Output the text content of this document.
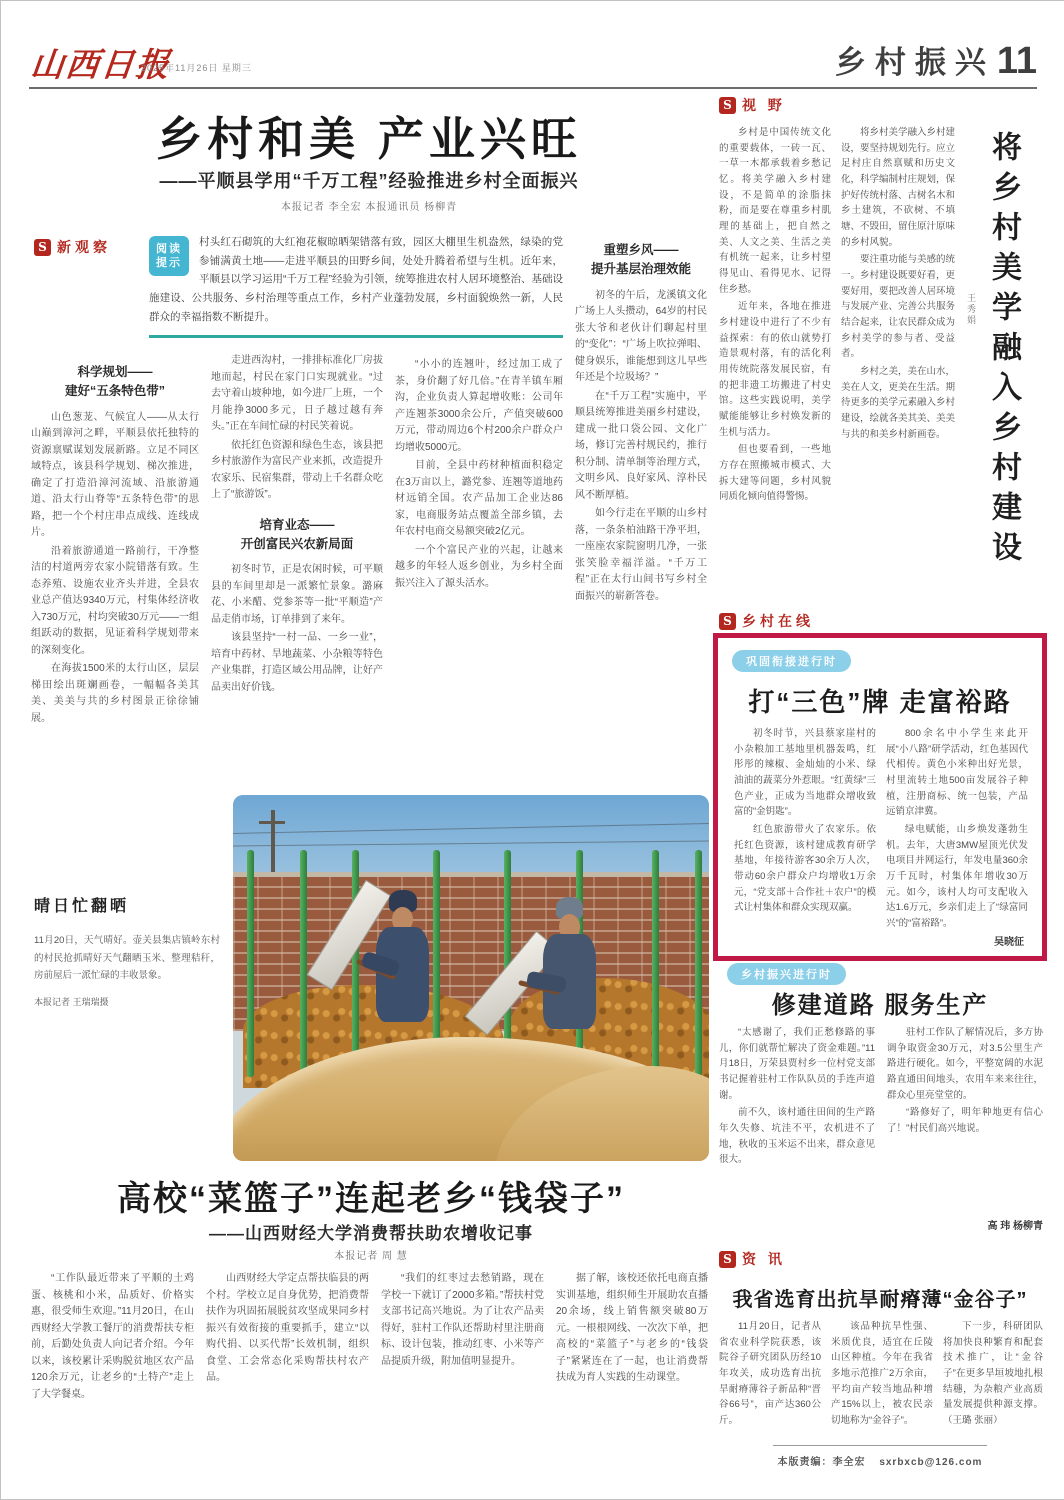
山西日报
2025年11月26日 星期三	乡村振兴11
乡村和美 产业兴旺
——平顺县学用“千万工程”经验推进乡村全面振兴
本报记者 李全宏 本报通讯员 杨柳青
S 新观察	阅读
提示
村头红石砌筑的大红袍花椒晾晒架错落有致，园区大棚里生机盎然，绿染的党参铺满黄土地——走进平顺县的田野乡间，处处升腾着希望与生机。近年来，平顺县以学习运用“千万工程”经验为引领，统筹推进农村人居环境整治、基础设施建设、公共服务、乡村治理等重点工作，乡村产业蓬勃发展，乡村面貌焕然一新，人民群众的幸福指数不断提升。
科学规划——
建好“五条特色带”

山色葱茏、气候宜人——从太行山巅到漳河之畔，平顺县依托独特的资源禀赋谋划发展新路。立足不同区域特点，该县科学规划、梯次推进，确定了打造沿漳河流域、沿旅游通道、沿太行山脊等“五条特色带”的思路，把一个个村庄串点成线、连线成片。

沿着旅游通道一路前行，干净整洁的村道两旁农家小院错落有致。生态养殖、设施农业齐头并进，全县农业总产值达9340万元，村集体经济收入730万元，村均突破30万元——一组组跃动的数据，见证着科学规划带来的深刻变化。

在海拔1500米的太行山区，层层梯田绘出斑斓画卷，一幅幅各美其美、美美与共的乡村图景正徐徐铺展。

走进西沟村，一排排标准化厂房拔地而起，村民在家门口实现就业。“过去守着山坡种地，如今进厂上班，一个月能挣3000多元，日子越过越有奔头。”正在车间忙碌的村民笑着说。

依托红色资源和绿色生态，该县把乡村旅游作为富民产业来抓，改造提升农家乐、民宿集群，带动上千名群众吃上了“旅游饭”。

培育业态——
开创富民兴农新局面

初冬时节，正是农闲时候，可平顺县的车间里却是一派繁忙景象。潞麻花、小米醋、党参茶等一批“平顺造”产品走俏市场，订单排到了来年。

该县坚持“一村一品、一乡一业”，培育中药材、旱地蔬菜、小杂粮等特色产业集群，打造区域公用品牌，让好产品卖出好价钱。

“小小的连翘叶，经过加工成了茶，身价翻了好几倍。”在青羊镇车厢沟，企业负责人算起增收账：公司年产连翘茶3000余公斤，产值突破600万元，带动周边6个村200余户群众户均增收5000元。

目前，全县中药材种植面积稳定在3万亩以上，潞党参、连翘等道地药材远销全国。农产品加工企业达86家，电商服务站点覆盖全部乡镇，去年农村电商交易额突破2亿元。

一个个富民产业的兴起，让越来越多的年轻人返乡创业，为乡村全面振兴注入了源头活水。

重塑乡风——
提升基层治理效能

初冬的午后，龙溪镇文化广场上人头攒动，64岁的村民张大爷和老伙计们聊起村里的“变化”：“广场上吹拉弹唱、健身娱乐，谁能想到这儿早些年还是个垃圾场？”

在“千万工程”实施中，平顺县统筹推进美丽乡村建设，建成一批口袋公园、文化广场，修订完善村规民约，推行积分制、清单制等治理方式，文明乡风、良好家风、淳朴民风不断厚植。

如今行走在平顺的山乡村落，一条条柏油路干净平坦，一座座农家院窗明几净，一张张笑脸幸福洋溢。“千万工程”正在太行山间书写乡村全面振兴的崭新答卷。

晴日忙翻晒
11月20日，天气晴好。壶关县集店镇岭东村的村民抢抓晴好天气翻晒玉米、整理秸秆，房前屋后一派忙碌的丰收景象。
本报记者 王瑞瑞摄
高校“菜篮子”连起老乡“钱袋子”
——山西财经大学消费帮扶助农增收记事
本报记者 周 慧

“工作队最近带来了平顺的土鸡蛋、核桃和小米，品质好、价格实惠，很受师生欢迎。”11月20日，在山西财经大学教工餐厅的消费帮扶专柜前，后勤处负责人向记者介绍。今年以来，该校累计采购脱贫地区农产品120余万元，让老乡的“土特产”走上了大学餐桌。

山西财经大学定点帮扶临县的两个村。学校立足自身优势，把消费帮扶作为巩固拓展脱贫攻坚成果同乡村振兴有效衔接的重要抓手，建立“以购代捐、以买代帮”长效机制，组织食堂、工会常态化采购帮扶村农产品。

“我们的红枣过去愁销路，现在学校一下就订了2000多箱。”帮扶村党支部书记高兴地说。为了让农产品卖得好，驻村工作队还帮助村里注册商标、设计包装，推动红枣、小米等产品提质升级，附加值明显提升。

据了解，该校还依托电商直播实训基地，组织师生开展助农直播20余场，线上销售额突破80万元。一根根网线、一次次下单，把高校的“菜篮子”与老乡的“钱袋子”紧紧连在了一起，也让消费帮扶成为育人实践的生动课堂。

S 视 野

乡村是中国传统文化的重要载体，一砖一瓦、一草一木都承载着乡愁记忆。将美学融入乡村建设，不是简单的涂脂抹粉，而是要在尊重乡村肌理的基础上，把自然之美、人文之美、生活之美有机统一起来，让乡村望得见山、看得见水、记得住乡愁。

近年来，各地在推进乡村建设中进行了不少有益探索：有的依山就势打造景观村落，有的活化利用传统院落发展民宿，有的把非遗工坊搬进了村史馆。这些实践说明，美学赋能能够让乡村焕发新的生机与活力。

但也要看到，一些地方存在照搬城市模式、大拆大建等问题，乡村风貌同质化倾向值得警惕。

将乡村美学融入乡村建设，要坚持规划先行。应立足村庄自然禀赋和历史文化，科学编制村庄规划，保护好传统村落、古树名木和乡土建筑，不砍树、不填塘、不毁田，留住原汁原味的乡村风貌。

要注重功能与美感的统一。乡村建设既要好看，更要好用，要把改善人居环境与发展产业、完善公共服务结合起来，让农民群众成为乡村美学的参与者、受益者。

乡村之美，美在山水，美在人文，更美在生活。期待更多的美学元素融入乡村建设，绘就各美其美、美美与共的和美乡村新画卷。	将乡村美学融入乡村建设
王秀娟
S 乡村在线
巩固衔接进行时
打“三色”牌 走富裕路

初冬时节，兴县蔡家崖村的小杂粮加工基地里机器轰鸣，红彤彤的辣椒、金灿灿的小米、绿油油的蔬菜分外惹眼。“红黄绿”三色产业，正成为当地群众增收致富的“金钥匙”。

红色旅游带火了农家乐。依托红色资源，该村建成教育研学基地，年接待游客30余万人次，带动60余户群众户均增收1万余元，“党支部＋合作社＋农户”的模式让村集体和群众实现双赢。

800余名中小学生来此开展“小八路”研学活动，红色基因代代相传。黄色小米种出好光景，村里流转土地500亩发展谷子种植，注册商标、统一包装，产品远销京津冀。

绿电赋能，山乡焕发蓬勃生机。去年，大唐3MW屋顶光伏发电项目并网运行，年发电量360余万千瓦时，村集体年增收30万元。如今，该村人均可支配收入达1.6万元，乡亲们走上了“绿富同兴”的“富裕路”。

吴晓征
乡村振兴进行时
修建道路 服务生产

“太感谢了，我们正愁修路的事儿，你们就帮忙解决了资金难题。”11月18日，万荣县贾村乡一位村党支部书记握着驻村工作队队员的手连声道谢。

前不久，该村通往田间的生产路年久失修、坑洼不平，农机进不了地，秋收的玉米运不出来，群众意见很大。

驻村工作队了解情况后，多方协调争取资金30万元，对3.5公里生产路进行硬化。如今，平整宽阔的水泥路直通田间地头，农用车来来往往，群众心里亮堂堂的。

“路修好了，明年种地更有信心了！”村民们高兴地说。

高 玮 杨柳青
S 资 讯
我省选育出抗旱耐瘠薄“金谷子”

11月20日，记者从省农业科学院获悉，该院谷子研究团队历经10年攻关，成功选育出抗旱耐瘠薄谷子新品种“晋谷66号”，亩产达360公斤。

该品种抗旱性强、米质优良，适宜在丘陵山区种植。今年在我省多地示范推广2万余亩，平均亩产较当地品种增产15%以上，被农民亲切地称为“金谷子”。

下一步，科研团队将加快良种繁育和配套技术推广，让“金谷子”在更多旱垣坡地扎根结穗，为杂粮产业高质量发展提供种源支撑。（王璐 张丽）

本版责编：李全宏 sxrbxcb@126.com
